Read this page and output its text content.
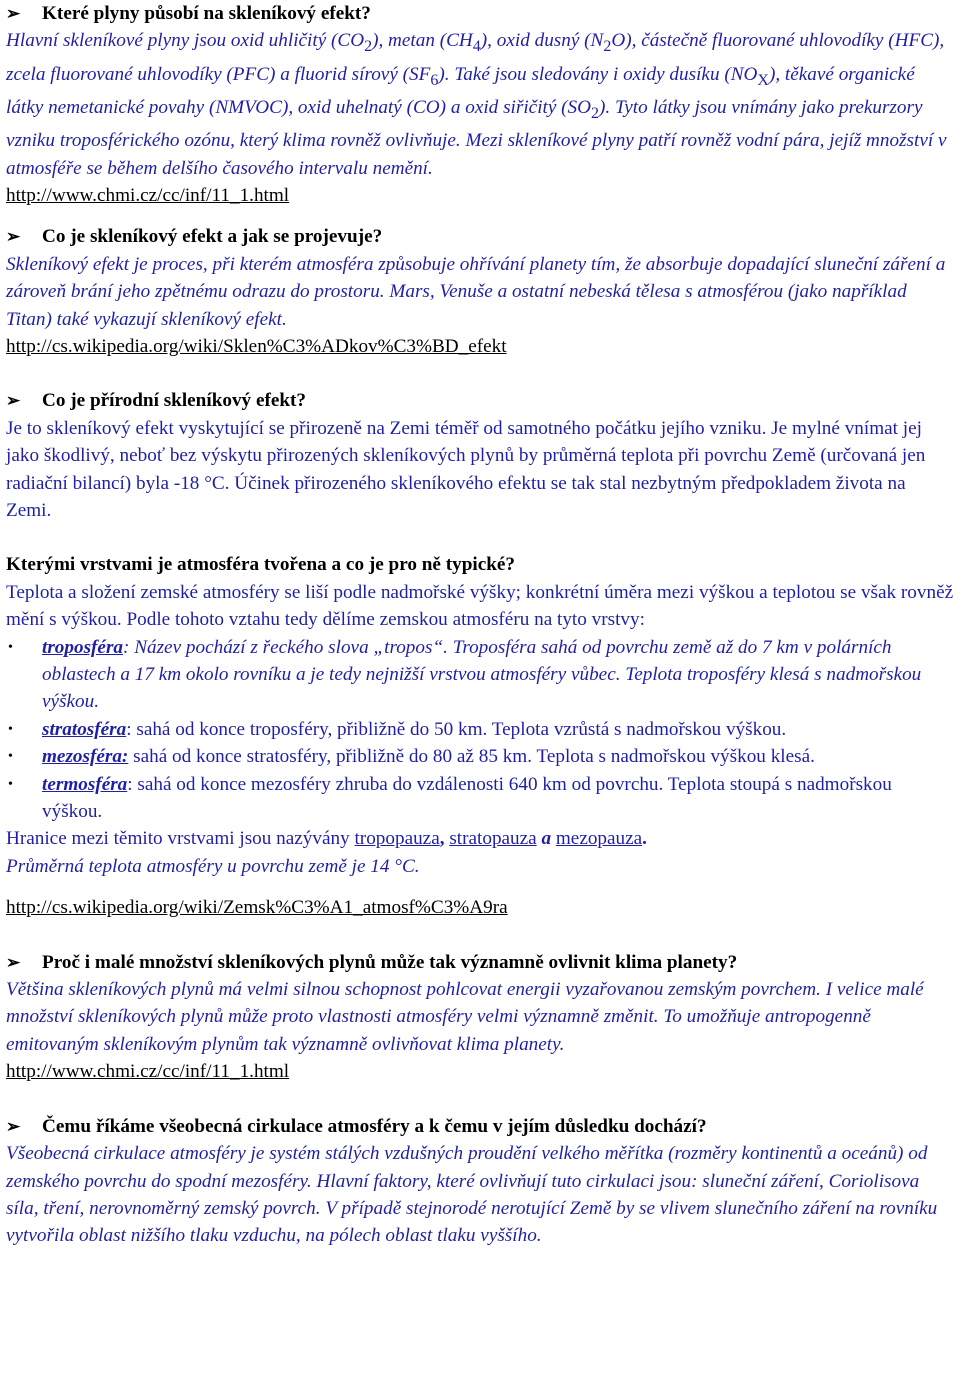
➢	Které plyny působí na skleníkový efekt?

Hlavní skleníkové plyny jsou oxid uhličitý $(CO_2)$, metan $(CH_4)$, oxid dusný $(N_2O)$, částečně fluorované uhlovodíky (HFC), zcela fluorované uhlovodíky (PFC) a fluorid sírový $(SF_6)$. Také jsou sledovány i oxidy dusíku $(NO_X)$, těkavé organické látky nemetanické povahy (NMVOC), oxid uhelnatý (CO) a oxid siřičitý $(SO_2)$. Tyto látky jsou vnímány jako prekurzory vzniku troposférického ozónu, který klima rovněž ovlivňuje. Mezi skleníkové plyny patří rovněž vodní pára, jejíž množství v atmosféře se během delšího časového intervalu nemění.

http://www.chmi.cz/cc/inf/11_1.html

➢	Co je skleníkový efekt a jak se projevuje?

Skleníkový efekt je proces, při kterém atmosféra způsobuje ohřívání planety tím, že absorbuje dopadající sluneční záření a zároveň brání jeho zpětnému odrazu do prostoru. Mars, Venuše a ostatní nebeská tělesa s atmosférou (jako například Titan) také vykazují skleníkový efekt.

http://cs.wikipedia.org/wiki/Sklen%C3%ADkov%C3%BD_efekt

➢	Co je přírodní skleníkový efekt?

Je to skleníkový efekt vyskytující se přirozeně na Zemi téměř od samotného počátku jejího vzniku. Je mylné vnímat jej jako škodlivý, neboť bez výskytu přirozených skleníkových plynů by průměrná teplota při povrchu Země (určovaná jen radiační bilancí) byla -18 °C. Účinek přirozeného skleníkového efektu se tak stal nezbytným předpokladem života na Zemi.

Kterými vrstvami je atmosféra tvořena a co je pro ně typické?

Teplota a složení zemské atmosféry se liší podle nadmořské výšky; konkrétní úměra mezi výškou a teplotou se však rovněž mění s výškou. Podle tohoto vztahu tedy dělíme zemskou atmosféru na tyto vrstvy:

• troposféra: Název pochází z řeckého slova „tropos“. Troposféra sahá od povrchu země až do 7 km v polárních oblastech a 17 km okolo rovníku a je tedy nejnižší vrstvou atmosféry vůbec. Teplota troposféry klesá s nadmořskou výškou.
• stratosféra: sahá od konce troposféry, přibližně do 50 km. Teplota vzrůstá s nadmořskou výškou.
• mezosféra: sahá od konce stratosféry, přibližně do 80 až 85 km. Teplota s nadmořskou výškou klesá.
• termosféra: sahá od konce mezosféry zhruba do vzdálenosti 640 km od povrchu. Teplota stoupá s nadmořskou výškou.

Hranice mezi těmito vrstvami jsou nazývány tropopauza, stratopauza a mezopauza.

Průměrná teplota atmosféry u povrchu země je 14 °C.

http://cs.wikipedia.org/wiki/Zemsk%C3%A1_atmosf%C3%A9ra

➢	Proč i malé množství skleníkových plynů může tak významně ovlivnit klima planety?

Většina skleníkových plynů má velmi silnou schopnost pohlcovat energii vyzařovanou zemským povrchem. I velice malé množství skleníkových plynů může proto vlastnosti atmosféry velmi významně změnit. To umožňuje antropogenně emitovaným skleníkovým plynům tak významně ovlivňovat klima planety.

http://www.chmi.cz/cc/inf/11_1.html

➢	Čemu říkáme všeobecná cirkulace atmosféry a k čemu v jejím důsledku dochází?

Všeobecná cirkulace atmosféry je systém stálých vzdušných proudění velkého měřítka (rozměry kontinentů a oceánů) od zemského povrchu do spodní mezosféry. Hlavní faktory, které ovlivňují tuto cirkulaci jsou: sluneční záření, Coriolisova síla, tření, nerovnoměrný zemský povrch. V případě stejnorodé nerotující Země by se vlivem slunečního záření na rovníku vytvořila oblast nižšího tlaku vzduchu, na pólech oblast tlaku vyššího.
